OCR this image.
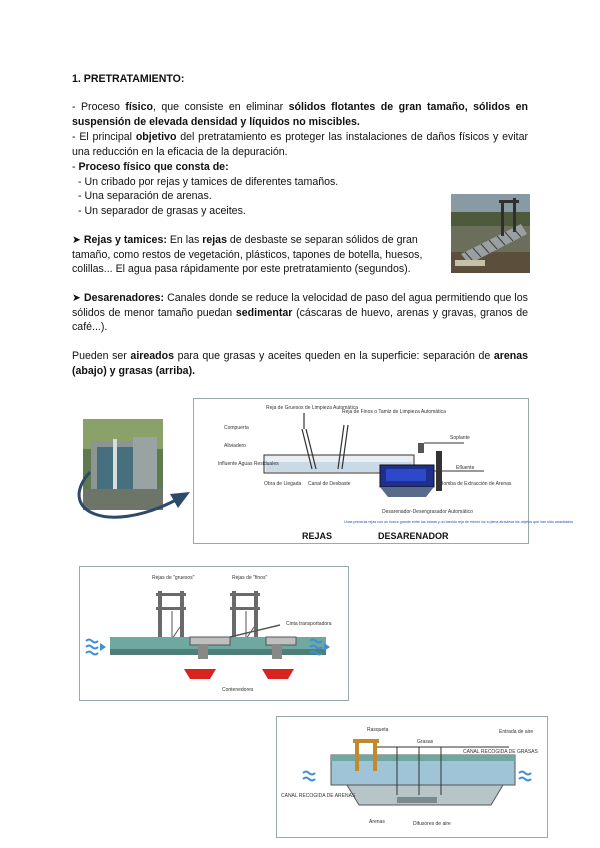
1. PRETRATAMIENTO:
- Proceso físico, que consiste en eliminar sólidos flotantes de gran tamaño, sólidos en suspensión de elevada densidad y líquidos no miscibles.
- El principal objetivo del pretratamiento es proteger las instalaciones de daños físicos y evitar una reducción en la eficacia de la depuración.
- Proceso físico que consta de:
- Un cribado por rejas y tamices de diferentes tamaños.
- Una separación de arenas.
- Un separador de grasas y aceites.
➤ Rejas y tamices: En las rejas de desbaste se separan sólidos de gran tamaño, como restos de vegetación, plásticos, tapones de botella, huesos, colillas... El agua pasa rápidamente por este pretratamiento (segundos).
➤ Desarenadores: Canales donde se reduce la velocidad de paso del agua permitiendo que los sólidos de menor tamaño puedan sedimentar (cáscaras de huevo, arenas y gravas, granos de café...).
Pueden ser aireados para que grasas y aceites queden en la superficie: separación de arenas (abajo) y grasas (arriba).
Compuerta
Aliviadero
Influente Aguas Residuales
Reja de Gruesos de Limpieza Automática
Reja de Finos o Tamiz de Limpieza Automática
Obra de Llegada Canal de Desbaste
Soplante
Efluente
Bomba de Extracción de Arenas
Desarenador-Desengrasador Automático
Unas primeras rejas con un hueco grande entre las barras y un barrido reja de menor luz a plena atraviesa los objetos que han sido arrastrados
REJAS	DESARENADOR
Rejas de "gruesos"	Rejas de "finos"
Cinta transportadora
Contenedores
Rasqueta
Grasas
Entrada de aire
CANAL RECOGIDA DE GRASAS
CANAL RECOGIDA DE ARENAS
Arenas	Difusores de aire
